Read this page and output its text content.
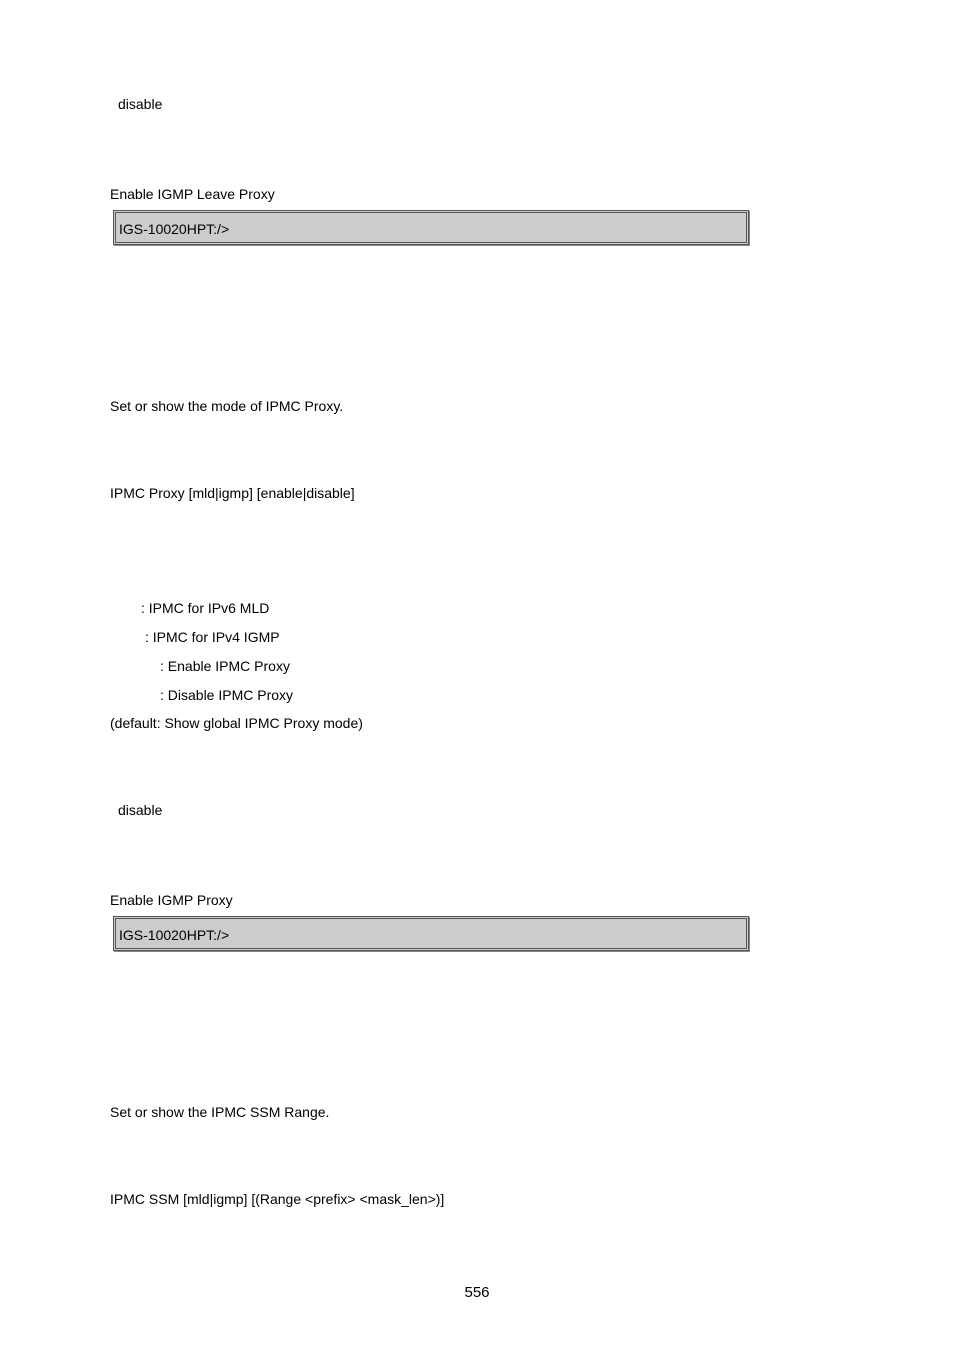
disable
Enable IGMP Leave Proxy
IGS-10020HPT:/>
Set or show the mode of IPMC Proxy.
IPMC Proxy [mld|igmp] [enable|disable]
: IPMC for IPv6 MLD
: IPMC for IPv4 IGMP
: Enable IPMC Proxy
: Disable IPMC Proxy
(default: Show global IPMC Proxy mode)
disable
Enable IGMP Proxy
IGS-10020HPT:/>
Set or show the IPMC SSM Range.
IPMC SSM [mld|igmp] [(Range <prefix> <mask_len>)]
556
